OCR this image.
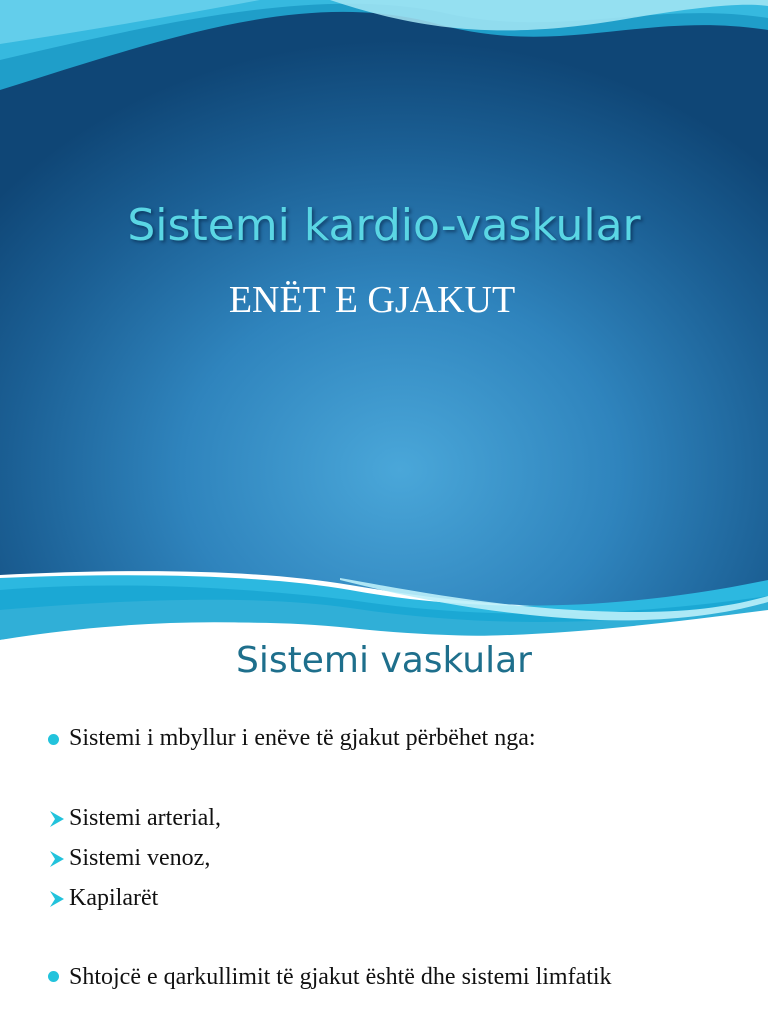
Sistemi kardio-vaskular
ENËT E GJAKUT
Sistemi vaskular
Sistemi i mbyllur i enëve të gjakut përbëhet nga:
Sistemi arterial,
Sistemi venoz,
Kapilarët
Shtojcë e qarkullimit të gjakut është dhe sistemi limfatik
